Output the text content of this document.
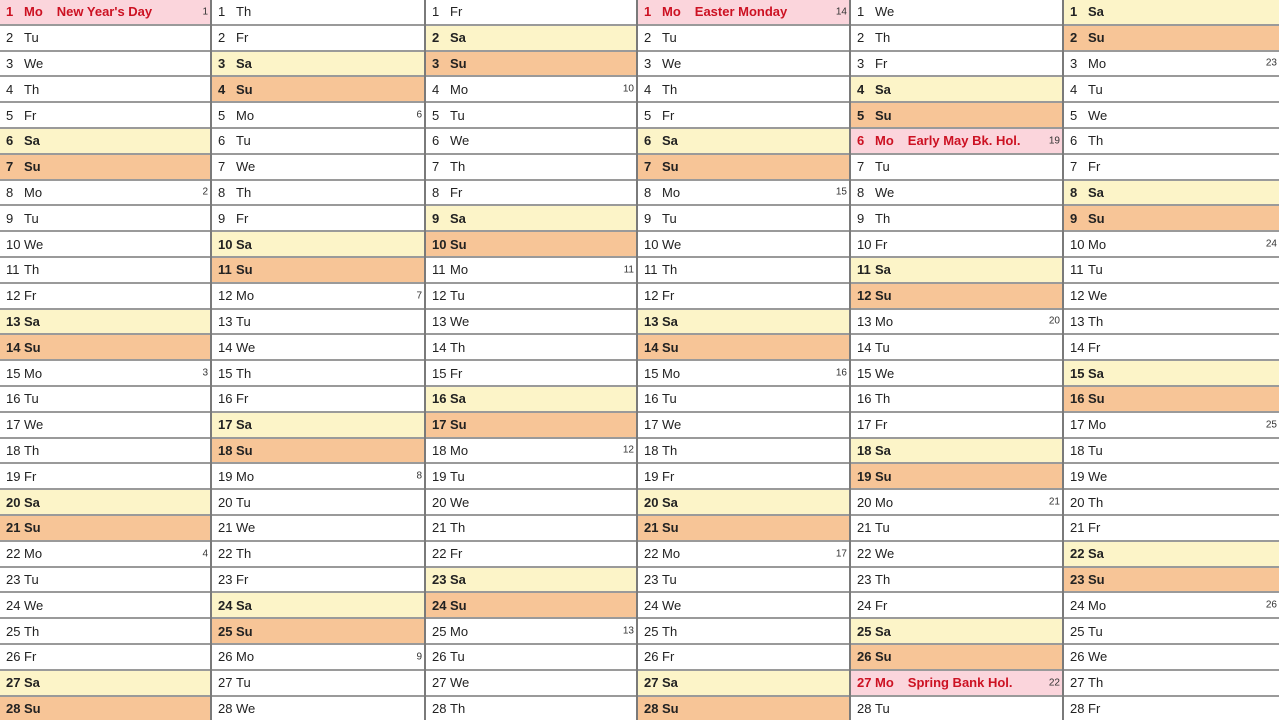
1 Mo New Year's Day	1
2 Tu
3 We
4 Th
5 Fr
6 Sa
7 Su
8 Mo	2
9 Tu
10 We
11 Th
12 Fr
13 Sa
14 Su
15 Mo	3
16 Tu
17 We
18 Th
19 Fr
20 Sa
21 Su
22 Mo	4
23 Tu
24 We
25 Th
26 Fr
27 Sa
28 Su
1 Th
2 Fr
3 Sa
4 Su
5 Mo	6
6 Tu
7 We
8 Th
9 Fr
10 Sa
11 Su
12 Mo	7
13 Tu
14 We
15 Th
16 Fr
17 Sa
18 Su
19 Mo	8
20 Tu
21 We
22 Th
23 Fr
24 Sa
25 Su
26 Mo	9
27 Tu
28 We
1 Fr
2 Sa
3 Su
4 Mo	10
5 Tu
6 We
7 Th
8 Fr
9 Sa
10 Su
11 Mo	11
12 Tu
13 We
14 Th
15 Fr
16 Sa
17 Su
18 Mo	12
19 Tu
20 We
21 Th
22 Fr
23 Sa
24 Su
25 Mo	13
26 Tu
27 We
28 Th
1 Mo Easter Monday	14
2 Tu
3 We
4 Th
5 Fr
6 Sa
7 Su
8 Mo	15
9 Tu
10 We
11 Th
12 Fr
13 Sa
14 Su
15 Mo	16
16 Tu
17 We
18 Th
19 Fr
20 Sa
21 Su
22 Mo	17
23 Tu
24 We
25 Th
26 Fr
27 Sa
28 Su
1 We
2 Th
3 Fr
4 Sa
5 Su
6 Mo Early May Bk. Hol.	19
7 Tu
8 We
9 Th
10 Fr
11 Sa
12 Su
13 Mo	20
14 Tu
15 We
16 Th
17 Fr
18 Sa
19 Su
20 Mo	21
21 Tu
22 We
23 Th
24 Fr
25 Sa
26 Su
27 Mo Spring Bank Hol.	22
28 Tu
1 Sa
2 Su
3 Mo	23
4 Tu
5 We
6 Th
7 Fr
8 Sa
9 Su
10 Mo	24
11 Tu
12 We
13 Th
14 Fr
15 Sa
16 Su
17 Mo	25
18 Tu
19 We
20 Th
21 Fr
22 Sa
23 Su
24 Mo	26
25 Tu
26 We
27 Th
28 Fr
